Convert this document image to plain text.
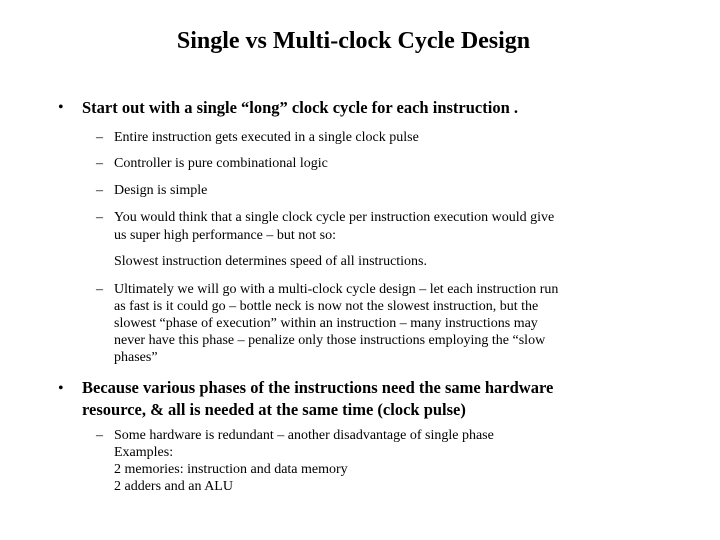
Single vs Multi-clock Cycle Design
• Start out with a single “long” clock cycle for each instruction .
– Entire instruction gets executed in a single clock pulse
– Controller is pure combinational logic
– Design is simple
– You would think that a single clock cycle per instruction execution would give
us super high performance – but not so:
Slowest instruction determines speed of all instructions.
– Ultimately we will go with a multi-clock cycle design – let each instruction run
as fast is it could go – bottle neck is now not the slowest instruction, but the
slowest “phase of execution” within an instruction – many instructions may
never have this phase – penalize only those instructions employing the “slow
phases”
• Because various phases of the instructions need the same hardware
resource, & all is needed at the same time (clock pulse)
– Some hardware is redundant – another disadvantage of single phase
Examples:
2 memories: instruction and data memory
2 adders and an ALU
